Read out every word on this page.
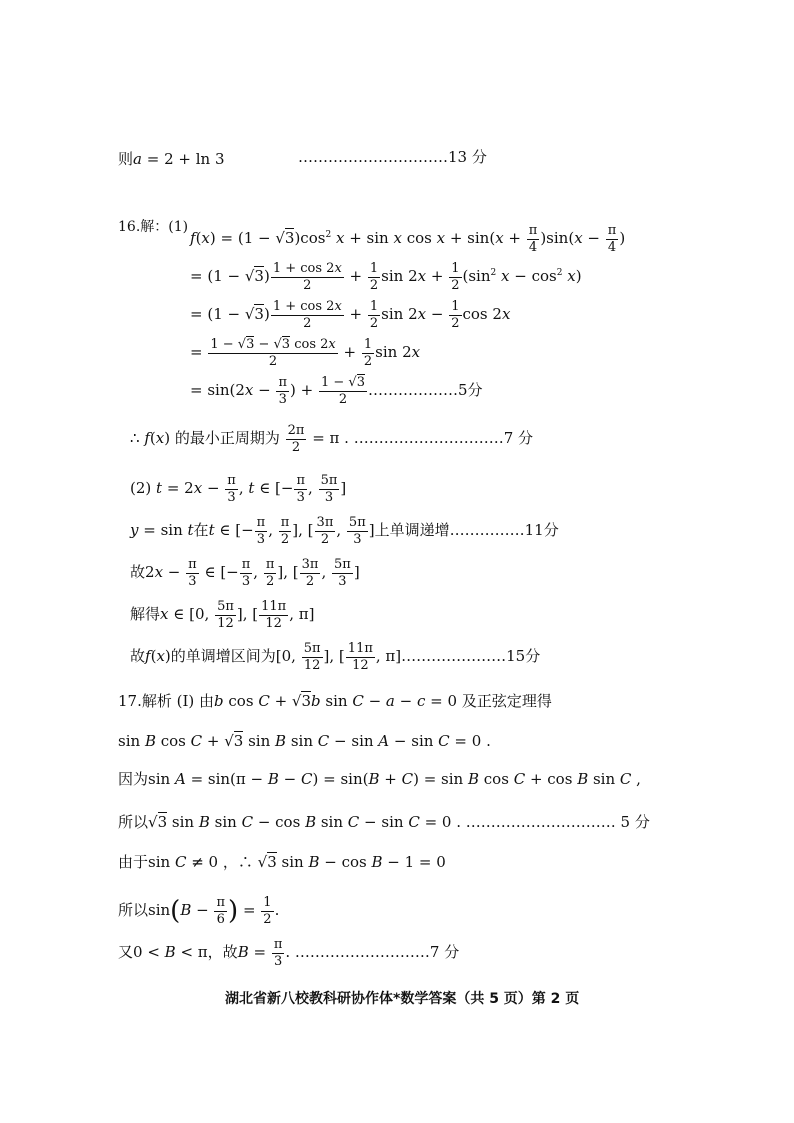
则a = 2 + ln 3	…………………………13 分
16.解：(1)
$f(x) = (1 - √3)\cos^2$ x + sin x $\cos x + \sin(x + \frac{\pi}{4} )\sin(x - \frac{\pi}{4}$ )
= $(1 - √3) \frac{1 + \cos 2x}{2} + \frac{1}{2}$ $\sin 2x + \frac{1}{2} (\sin^2$ $x - \cos^2 x$)
= $(1 - √3) \frac{1 + \cos 2x}{2} + \frac{1}{2}$ $\sin 2x - \frac{1}{2}$ cos 2x
= $\frac{1 - √3 - √3 \cos 2x}{2} + \frac{1}{2}$ sin 2x
= $\sin(2x - \frac{\pi}{3}$ ) + $\frac{1 - √3}{2}$ ………………5分
∴ f(x) 的最小正周期为 $\frac{2\pi}{2} = \pi$ . …………………………7 分
(2) $t = 2x - \frac{\pi}{3}$ , t ∈ [− $\frac{\pi}{3}$ , $\frac{5\pi}{3}$ ]
y = sin t在t ∈ [− $\frac{\pi}{3}$ , $\frac{\pi}{2}$ ], [ $\frac{3\pi}{2}$ , $\frac{5\pi}{3}$ ]上单调递增……………11分
故$2x - \frac{\pi}{3}$ ∈ [− $\frac{\pi}{3}$ , $\frac{\pi}{2}$ ], [ $\frac{3\pi}{2}$ , $\frac{5\pi}{3}$ ]
解得x ∈ [0, $\frac{5\pi}{12}$ ], [ $\frac{11\pi}{12}$ , π]
故f(x)的单调增区间为[0, $\frac{5\pi}{12}$ ], [ $\frac{11\pi}{12}$ , π]…………………15分
17.解析 (I) 由b cos C + √3b sin C − a − c = 0 及正弦定理得
sin B cos C + √3 sin B sin C − sin A − sin C = 0 .
因为sin A = sin(π − B − C) = sin(B + C) = sin B cos C + cos B sin C ,
所以√3 sin B sin C − cos B sin C − sin C = 0 . ………………………… 5 分
由于sin C ≠ 0 ，∴ √3 sin B − cos B − 1 = 0
所以$\sin(B - \frac{\pi}{6}$ ) = $\frac{1}{2}$ .
又0 < B < π，故$B = \frac{\pi}{3}$ . ………………………7 分
湖北省新八校教科研协作体*数学答案（共 5 页）第 2 页
